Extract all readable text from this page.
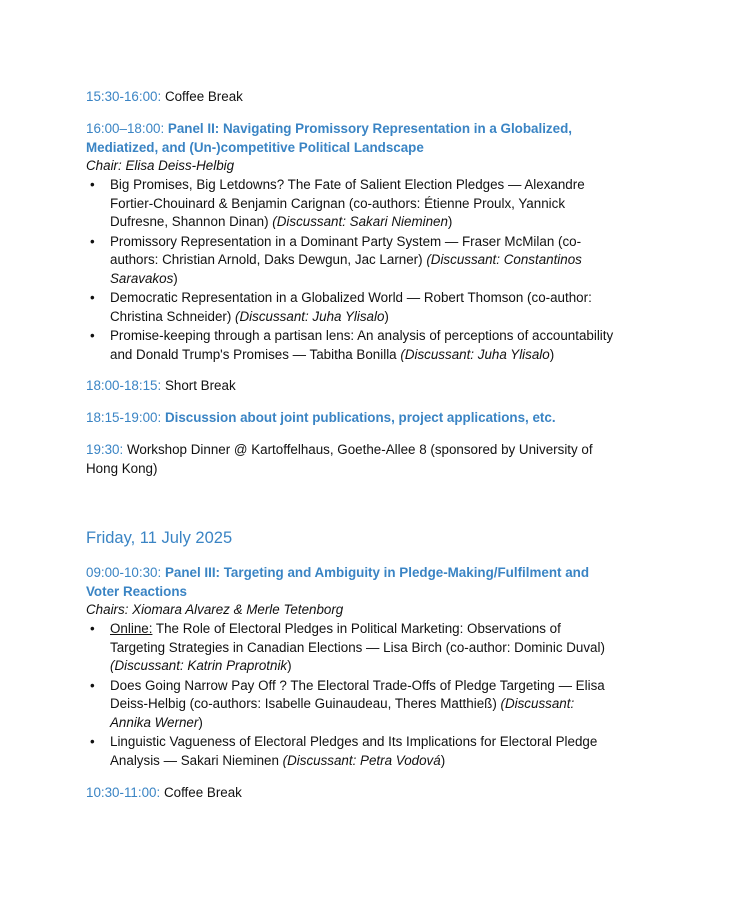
15:30-16:00: Coffee Break
16:00–18:00: Panel II: Navigating Promissory Representation in a Globalized,
Mediatized, and (Un-)competitive Political Landscape
Chair: Elisa Deiss-Helbig
• Big Promises, Big Letdowns? The Fate of Salient Election Pledges — Alexandre
Fortier-Chouinard & Benjamin Carignan (co-authors: Étienne Proulx, Yannick
Dufresne, Shannon Dinan) (Discussant: Sakari Nieminen)
• Promissory Representation in a Dominant Party System — Fraser McMilan (co-
authors: Christian Arnold, Daks Dewgun, Jac Larner) (Discussant: Constantinos
Saravakos)
• Democratic Representation in a Globalized World — Robert Thomson (co-author:
Christina Schneider) (Discussant: Juha Ylisalo)
• Promise-keeping through a partisan lens: An analysis of perceptions of accountability
and Donald Trump's Promises — Tabitha Bonilla (Discussant: Juha Ylisalo)
18:00-18:15: Short Break
18:15-19:00: Discussion about joint publications, project applications, etc.
19:30: Workshop Dinner @ Kartoffelhaus, Goethe-Allee 8 (sponsored by University of
Hong Kong)
Friday, 11 July 2025
09:00-10:30: Panel III: Targeting and Ambiguity in Pledge-Making/Fulfilment and
Voter Reactions
Chairs: Xiomara Alvarez & Merle Tetenborg
• Online: The Role of Electoral Pledges in Political Marketing: Observations of
Targeting Strategies in Canadian Elections — Lisa Birch (co-author: Dominic Duval)
(Discussant: Katrin Praprotnik)
• Does Going Narrow Pay Off ? The Electoral Trade-Offs of Pledge Targeting — Elisa
Deiss-Helbig (co-authors: Isabelle Guinaudeau, Theres Matthieß) (Discussant:
Annika Werner)
• Linguistic Vagueness of Electoral Pledges and Its Implications for Electoral Pledge
Analysis — Sakari Nieminen (Discussant: Petra Vodová)
10:30-11:00: Coffee Break
